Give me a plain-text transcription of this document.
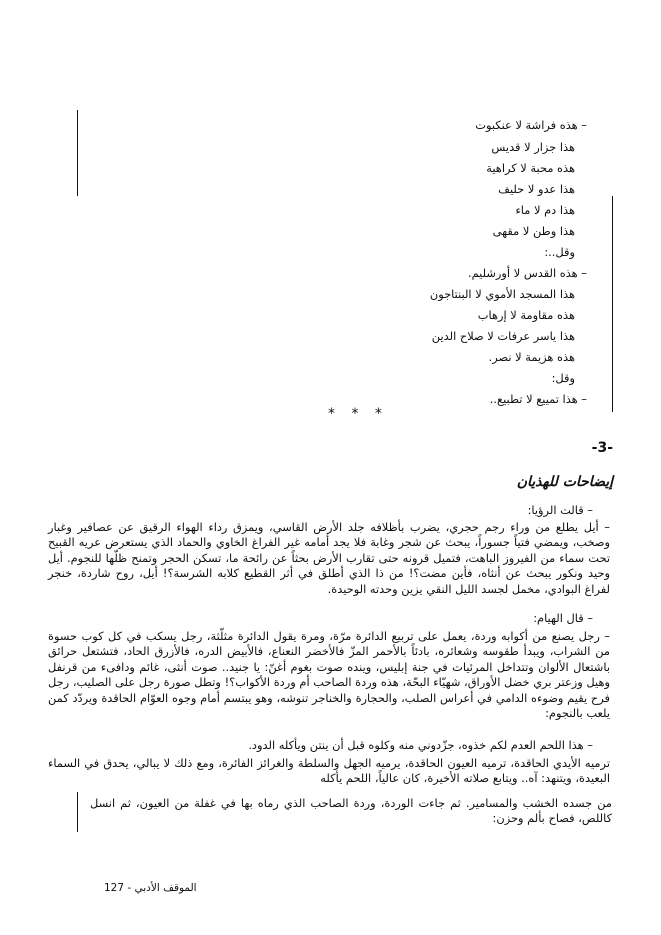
– هذه فراشة لا عنكبوت
هذا جزار لا قديس
هذه محبة لا كراهية
هذا عدو لا حليف
هذا دم لا ماء
هذا وطن لا مقهى
وقل..:
– هذه القدس لا أورشليم.
هذا المسجد الأموي لا البنتاجون
هذه مقاومة لا إرهاب
هذا ياسر عرفات لا صلاح الدين
هذه هزيمة لا نصر.
وقل:
– هذا تمييع لا تطبيع..
* * *
-3-
إيضاحات للهذيان
– قالت الرؤيا:
– أيل يطلع من وراء رجم حجري، يضرب بأظلافه جلد الأرض القاسي، ويمزق رداء الهواء الرقيق عن عصافير وغبار وصخب، ويمضي فتياً جسوراً، يبحث عن شجر وغابة فلا يجد أمامه غير الفراغ الخاوي والحماد الذي يستعرض عريه القبيح تحت سماء من الفيروز الباهت، فتميل قرونه حتى تقارب الأرض بحثاً عن رائحة ما، تسكن الحجر وتمنح ظلّها للنجوم. أيل وحيد ونكور يبحث عن أنثاه، فأين مضت؟! من ذا الذي أطلق في أثر القطيع كلابه الشرسة؟! أيل، روح شاردة، خنجر لفراغ البوادي، مخمل لجسد الليل النقي يزين وحدته الوحيدة.
– قال الهيام:
– رجل يصنع من أكوابه وردة، يعمل على تربيع الدائرة مرّة، ومرة يقول الدائرة مثلّثة، رجل يسكب في كل كوب حسوة من الشراب، ويبدأ طقوسه وشعائره، بادئاً بالأحمر المزّ فالأخضر النعناع، فالأبيض الدره، فالأزرق الحاد، فتشتعل حرائق باشتعال الألوان وتتداخل المرئيات في جنة إبليس، وينده صوت بغوم أغنّ: يا جنيد.. صوت أنثى، غائم ودافىء من قرنفل وهيل وزعتر بري خضل الأوراق، شهيّاء البحّة، هذه وردة الصاحب أم وردة الأكواب؟! وتطل صورة رجل على الصليب، رجل فرح يقيم وضوءه الدامي في أعراس الصلب، والحجارة والخناجر تنوشه، وهو يبتسم أمام وجوه العوّام الحاقدة ويردّد كمن يلعب بالنجوم:
– هذا اللحم العدم لكم خذوه، جزّدوني منه وكلوه قبل أن ينتن ويأكله الدود.
ترميه الأيدي الحاقدة، ترميه العيون الحاقدة، يرميه الجهل والسلطة والغرائز الفائرة، ومع ذلك لا يبالي، يحدق في السماء البعيدة، ويتنهد: آه.. ويتابع صلاته الأخيرة، كان عالياً، اللحم يأكله
من جسده الخشب والمسامير. ثم جاءت الوردة، وردة الصاحب الذي رماه بها في غفلة من العيون، ثم انسل كاللص، فصاح بألم وحزن:
الموقف الأدبي - 127
